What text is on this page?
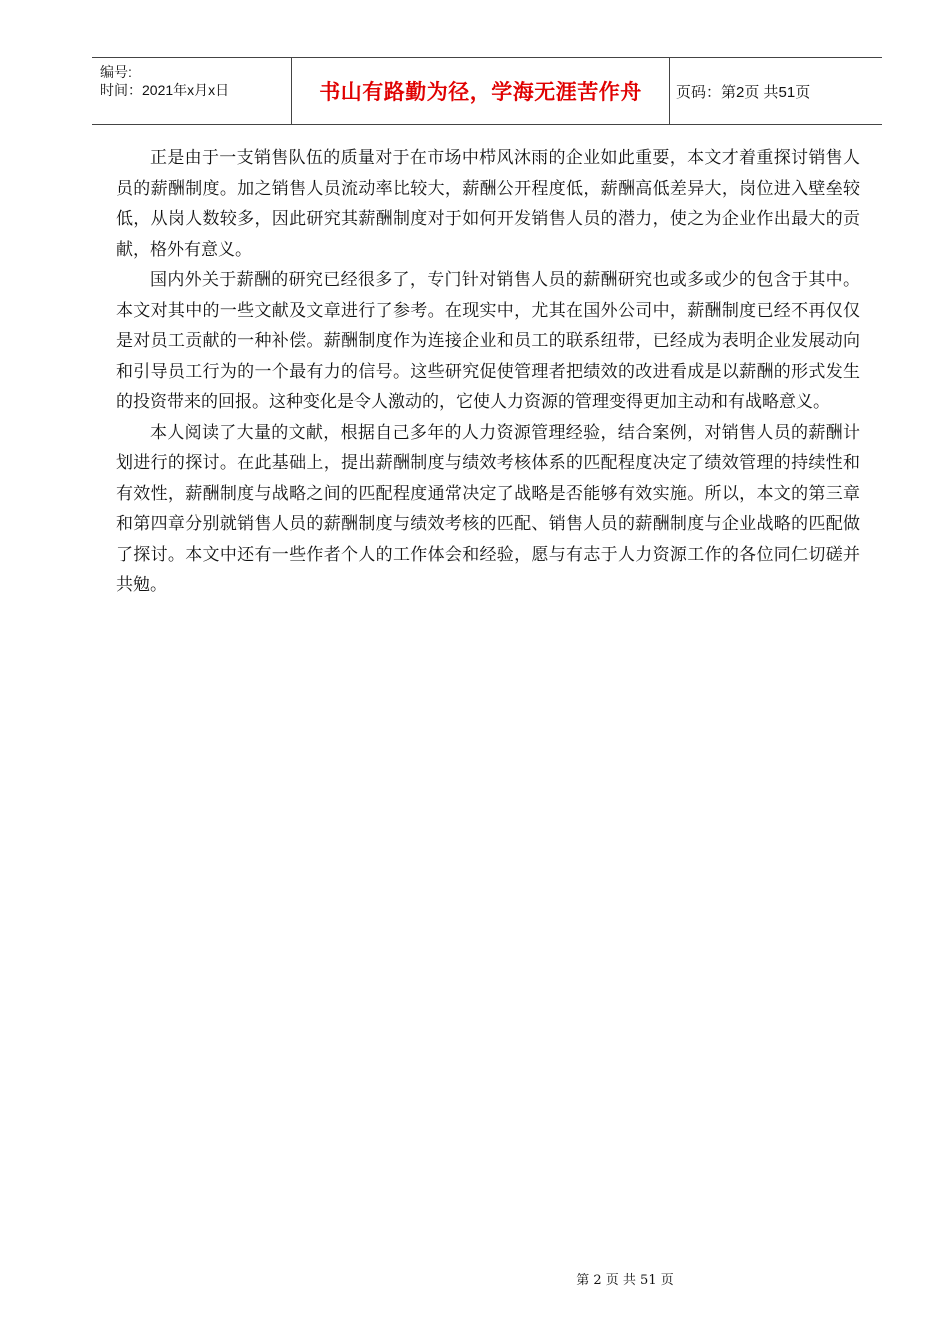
编号:
时间：2021年x月x日	书山有路勤为径，学海无涯苦作舟 页码：第2页 共51页

正是由于一支销售队伍的质量对于在市场中栉风沐雨的企业如此重要，本文才着重探讨销售人员的薪酬制度。加之销售人员流动率比较大，薪酬公开程度低，薪酬高低差异大，岗位进入壁垒较低，从岗人数较多，因此研究其薪酬制度对于如何开发销售人员的潜力，使之为企业作出最大的贡献，格外有意义。

国内外关于薪酬的研究已经很多了，专门针对销售人员的薪酬研究也或多或少的包含于其中。本文对其中的一些文献及文章进行了参考。在现实中，尤其在国外公司中，薪酬制度已经不再仅仅是对员工贡献的一种补偿。薪酬制度作为连接企业和员工的联系纽带，已经成为表明企业发展动向和引导员工行为的一个最有力的信号。这些研究促使管理者把绩效的改进看成是以薪酬的形式发生的投资带来的回报。这种变化是令人激动的，它使人力资源的管理变得更加主动和有战略意义。

本人阅读了大量的文献，根据自己多年的人力资源管理经验，结合案例，对销售人员的薪酬计划进行的探讨。在此基础上，提出薪酬制度与绩效考核体系的匹配程度决定了绩效管理的持续性和有效性，薪酬制度与战略之间的匹配程度通常决定了战略是否能够有效实施。所以，本文的第三章和第四章分别就销售人员的薪酬制度与绩效考核的匹配、销售人员的薪酬制度与企业战略的匹配做了探讨。本文中还有一些作者个人的工作体会和经验，愿与有志于人力资源工作的各位同仁切磋并共勉。

第 2 页 共 51 页
